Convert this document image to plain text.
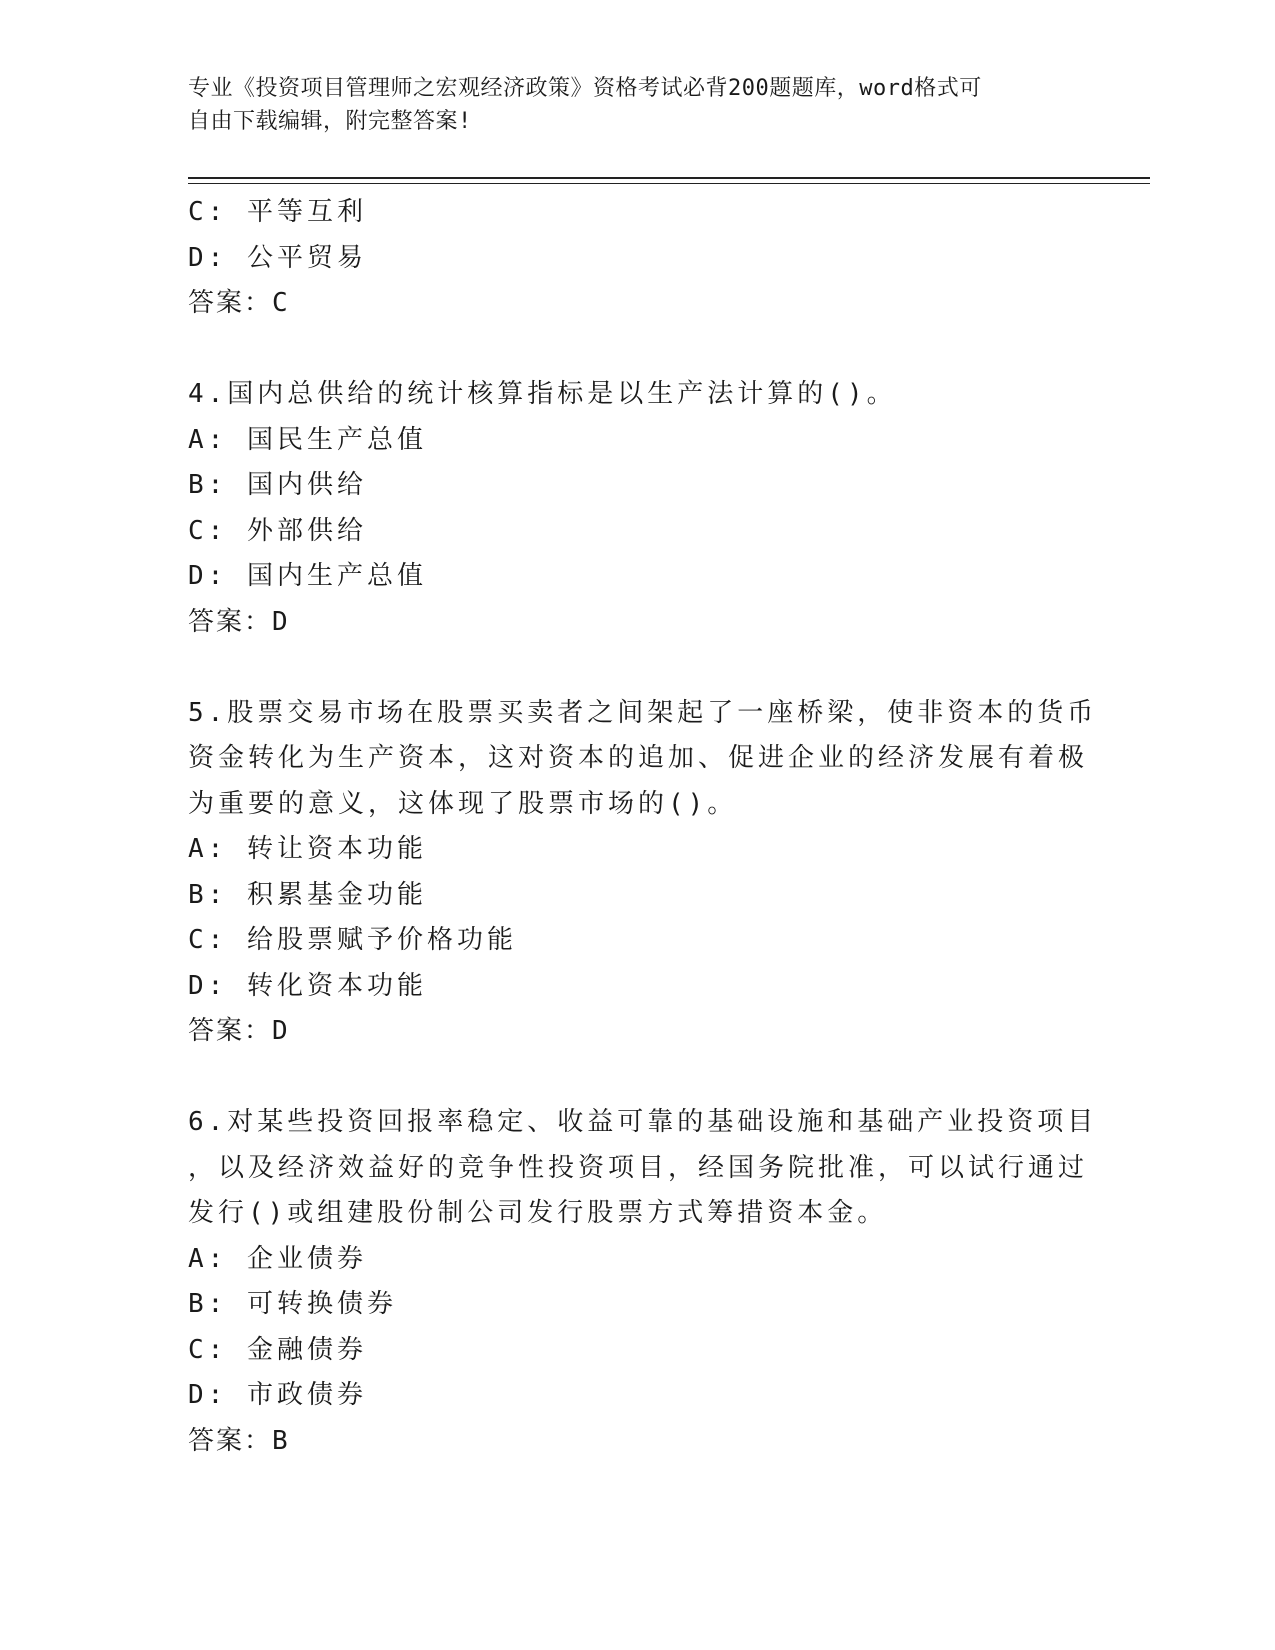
专业《投资项目管理师之宏观经济政策》资格考试必背200题题库，word格式可
自由下载编辑，附完整答案!
C: 平等互利
D: 公平贸易
答案：C
4.国内总供给的统计核算指标是以生产法计算的()。
A: 国民生产总值
B: 国内供给
C: 外部供给
D: 国内生产总值
答案：D
5.股票交易市场在股票买卖者之间架起了一座桥梁，使非资本的货币
资金转化为生产资本，这对资本的追加、促进企业的经济发展有着极
为重要的意义，这体现了股票市场的()。
A: 转让资本功能
B: 积累基金功能
C: 给股票赋予价格功能
D: 转化资本功能
答案：D
6.对某些投资回报率稳定、收益可靠的基础设施和基础产业投资项目
，以及经济效益好的竞争性投资项目，经国务院批准，可以试行通过
发行()或组建股份制公司发行股票方式筹措资本金。
A: 企业债券
B: 可转换债券
C: 金融债券
D: 市政债券
答案：B
